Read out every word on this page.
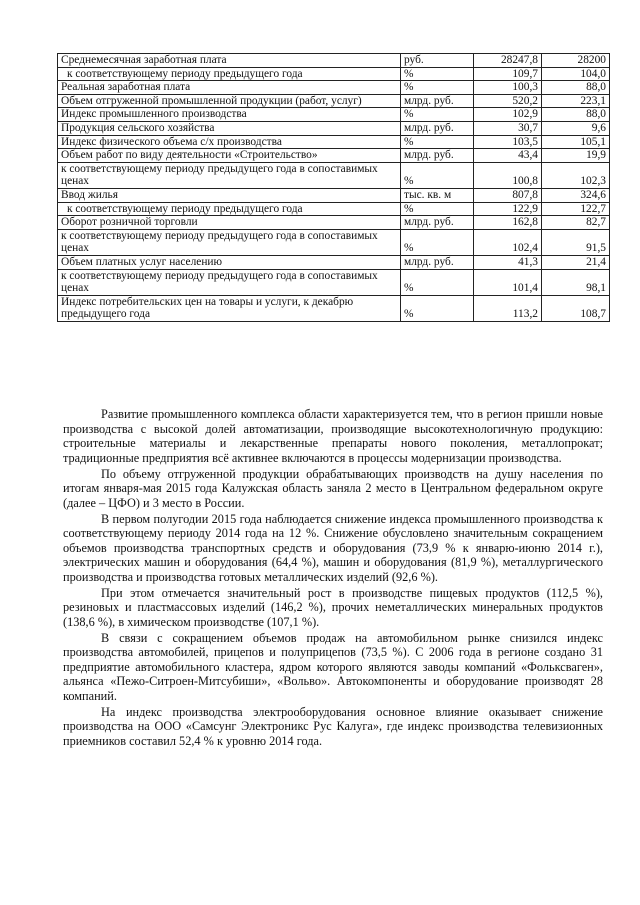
Среднемесячная заработная плата	руб.	28247,8	28200
к соответствующему периоду предыдущего года	%	109,7	104,0
Реальная заработная плата	%	100,3	88,0
Объем отгруженной промышленной продукции (работ, услуг)	млрд. руб.	520,2	223,1
Индекс промышленного производства	%	102,9	88,0
Продукция сельского хозяйства	млрд. руб.	30,7	9,6
Индекс физического объема с/х производства	%	103,5	105,1
Объем работ по виду деятельности «Строительство»	млрд. руб.	43,4	19,9
к соответствующему периоду предыдущего года в сопоставимых ценах	%	100,8	102,3
Ввод жилья	тыс. кв. м	807,8	324,6
к соответствующему периоду предыдущего года	%	122,9	122,7
Оборот розничной торговли	млрд. руб.	162,8	82,7
к соответствующему периоду предыдущего года в сопоставимых ценах	%	102,4	91,5
Объем платных услуг населению	млрд. руб.	41,3	21,4
к соответствующему периоду предыдущего года в сопоставимых ценах	%	101,4	98,1
Индекс потребительских цен на товары и услуги, к декабрю предыдущего года	%	113,2	108,7

Развитие промышленного комплекса области характеризуется тем, что в регион пришли новые производства с высокой долей автоматизации, производящие высокотехнологичную продукцию: строительные материалы и лекарственные препараты нового поколения, металлопрокат; традиционные предприятия всё активнее включаются в процессы модернизации производства.

По объему отгруженной продукции обрабатывающих производств на душу населения по итогам января-мая 2015 года Калужская область заняла 2 место в Центральном федеральном округе (далее – ЦФО) и 3 место в России.

В первом полугодии 2015 года наблюдается снижение индекса промышленного производства к соответствующему периоду 2014 года на 12 %. Снижение обусловлено значительным сокращением объемов производства транспортных средств и оборудования (73,9 % к январю-июню 2014 г.), электрических машин и оборудования (64,4 %), машин и оборудования (81,9 %), металлургического производства и производства готовых металлических изделий (92,6 %).

При этом отмечается значительный рост в производстве пищевых продуктов (112,5 %), резиновых и пластмассовых изделий (146,2 %), прочих неметаллических минеральных продуктов (138,6 %), в химическом производстве (107,1 %).

В связи с сокращением объемов продаж на автомобильном рынке снизился индекс производства автомобилей, прицепов и полуприцепов (73,5 %). С 2006 года в регионе создано 31 предприятие автомобильного кластера, ядром которого являются заводы компаний «Фольксваген», альянса «Пежо-Ситроен-Митсубиши», «Вольво». Автокомпоненты и оборудование производят 28 компаний.

На индекс производства электрооборудования основное влияние оказывает снижение производства на ООО «Самсунг Электроникс Рус Калуга», где индекс производства телевизионных приемников составил 52,4 % к уровню 2014 года.
